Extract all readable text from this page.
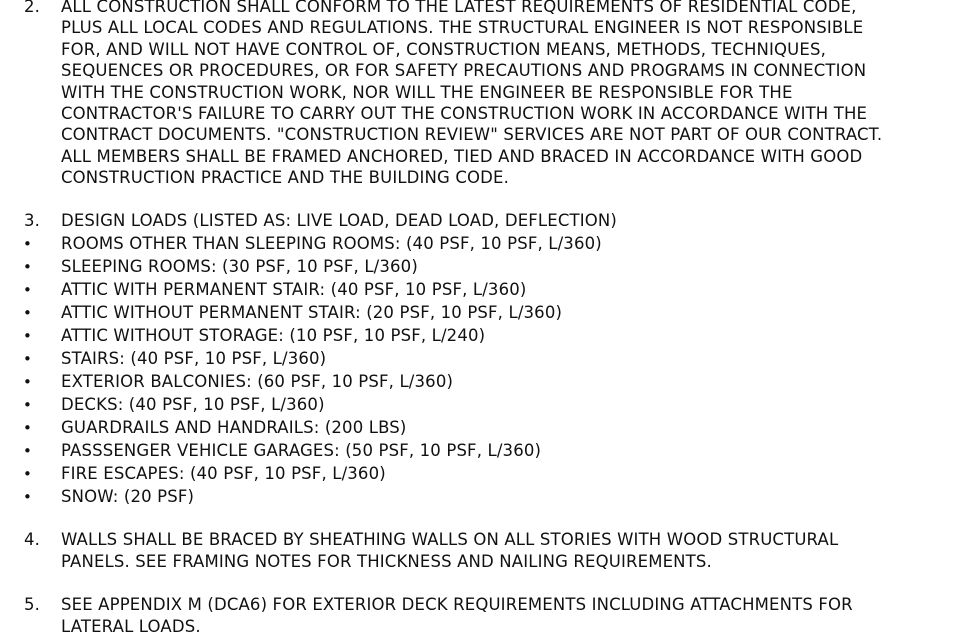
2. ALL CONSTRUCTION SHALL CONFORM TO THE LATEST REQUIREMENTS OF RESIDENTIAL CODE,
PLUS ALL LOCAL CODES AND REGULATIONS. THE STRUCTURAL ENGINEER IS NOT RESPONSIBLE
FOR, AND WILL NOT HAVE CONTROL OF, CONSTRUCTION MEANS, METHODS, TECHNIQUES,
SEQUENCES OR PROCEDURES, OR FOR SAFETY PRECAUTIONS AND PROGRAMS IN CONNECTION
WITH THE CONSTRUCTION WORK, NOR WILL THE ENGINEER BE RESPONSIBLE FOR THE
CONTRACTOR'S FAILURE TO CARRY OUT THE CONSTRUCTION WORK IN ACCORDANCE WITH THE
CONTRACT DOCUMENTS. "CONSTRUCTION REVIEW" SERVICES ARE NOT PART OF OUR CONTRACT.
ALL MEMBERS SHALL BE FRAMED ANCHORED, TIED AND BRACED IN ACCORDANCE WITH GOOD
CONSTRUCTION PRACTICE AND THE BUILDING CODE.
3. DESIGN LOADS (LISTED AS: LIVE LOAD, DEAD LOAD, DEFLECTION)
• ROOMS OTHER THAN SLEEPING ROOMS: (40 PSF, 10 PSF, L/360)
• SLEEPING ROOMS: (30 PSF, 10 PSF, L/360)
• ATTIC WITH PERMANENT STAIR: (40 PSF, 10 PSF, L/360)
• ATTIC WITHOUT PERMANENT STAIR: (20 PSF, 10 PSF, L/360)
• ATTIC WITHOUT STORAGE: (10 PSF, 10 PSF, L/240)
• STAIRS: (40 PSF, 10 PSF, L/360)
• EXTERIOR BALCONIES: (60 PSF, 10 PSF, L/360)
• DECKS: (40 PSF, 10 PSF, L/360)
• GUARDRAILS AND HANDRAILS: (200 LBS)
• PASSSENGER VEHICLE GARAGES: (50 PSF, 10 PSF, L/360)
• FIRE ESCAPES: (40 PSF, 10 PSF, L/360)
• SNOW: (20 PSF)
4. WALLS SHALL BE BRACED BY SHEATHING WALLS ON ALL STORIES WITH WOOD STRUCTURAL
PANELS. SEE FRAMING NOTES FOR THICKNESS AND NAILING REQUIREMENTS.
5. SEE APPENDIX M (DCA6) FOR EXTERIOR DECK REQUIREMENTS INCLUDING ATTACHMENTS FOR
LATERAL LOADS.
